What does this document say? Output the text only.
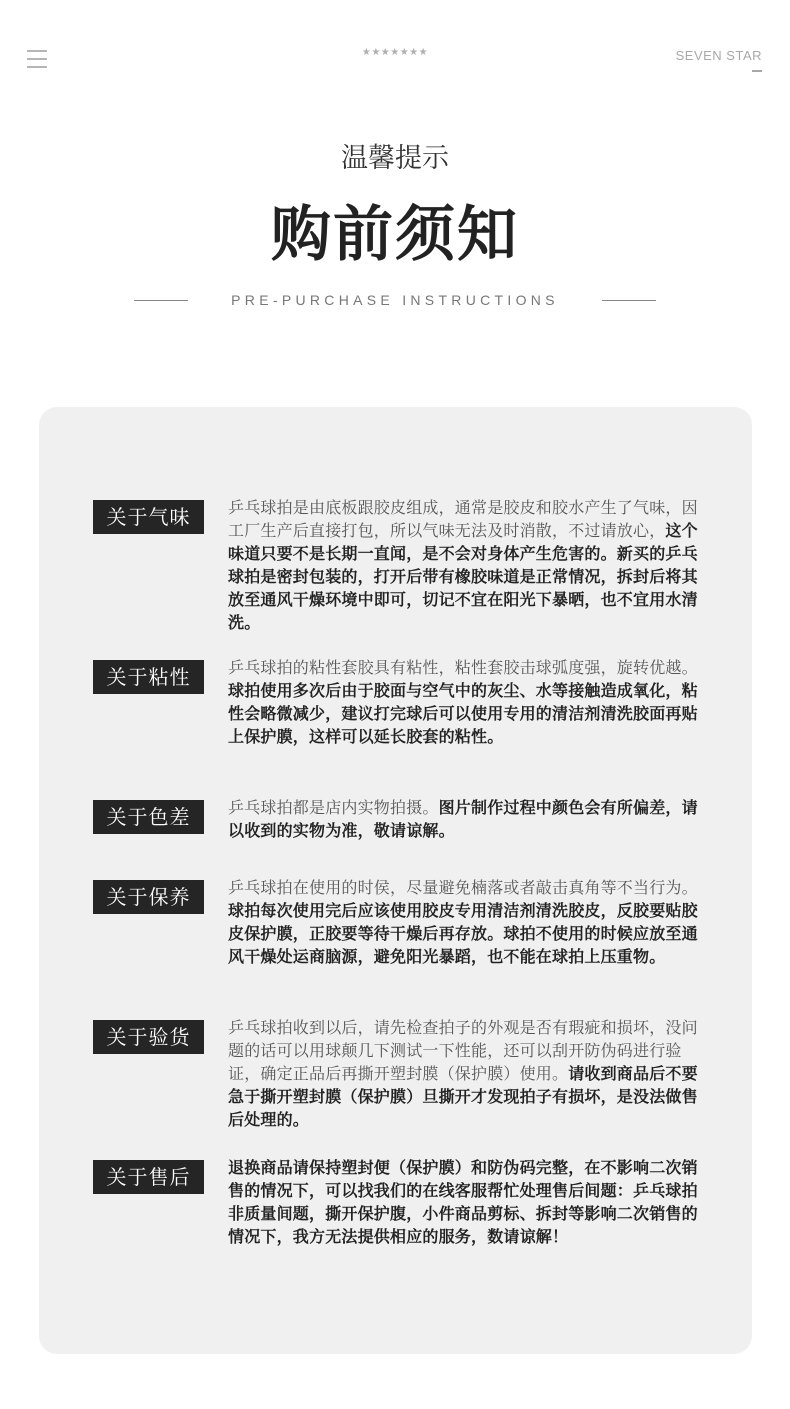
★★★★★★★	SEVEN STAR
温馨提示
购前须知
PRE-PURCHASE INSTRUCTIONS
关于气味	乒乓球拍是由底板跟胶皮组成，通常是胶皮和胶水产生了气味，因工厂生产后直接打包，所以气味无法及时消散，不过请放心，这个味道只要不是长期一直闻，是不会对身体产生危害的。新买的乒乓球拍是密封包装的，打开后带有橡胶味道是正常情况，拆封后将其放至通风干燥环境中即可，切记不宜在阳光下暴晒，也不宜用水清洗。
关于粘性	乒乓球拍的粘性套胶具有粘性，粘性套胶击球弧度强，旋转优越。球拍使用多次后由于胶面与空气中的灰尘、水等接触造成氧化，粘性会略微减少，建议打完球后可以使用专用的清洁剂清洗胶面再贴上保护膜，这样可以延长胶套的粘性。
关于色差	乒乓球拍都是店内实物拍摄。图片制作过程中颜色会有所偏差，请以收到的实物为准，敬请谅解。
关于保养	乒乓球拍在使用的时侯，尽量避免楠落或者敲击真角等不当行为。球拍每次使用完后应该使用胶皮专用清洁剂清洗胶皮，反胶要贴胶皮保护膜，正胶要等待干燥后再存放。球拍不使用的时候应放至通风干燥处运商脑源，避免阳光暴蹈，也不能在球拍上压重物。
关于验货	乒乓球拍收到以后，请先检查拍子的外观是否有瑕疵和损坏，没问题的话可以用球颠几下测试一下性能，还可以刮开防伪码进行验证，确定正品后再撕开塑封膜（保护膜）使用。请收到商品后不要急于撕开塑封膜（保护膜）旦撕开才发现拍子有损坏，是没法做售后处理的。
关于售后	退换商品请保持塑封便（保护膜）和防伪码完整，在不影响二次销售的情况下，可以找我们的在线客服帮忙处理售后间题：乒乓球拍非质量间题，撕开保护腹，小件商品剪标、拆封等影响二次销售的情况下，我方无法提供相应的服务，数请谅解！
